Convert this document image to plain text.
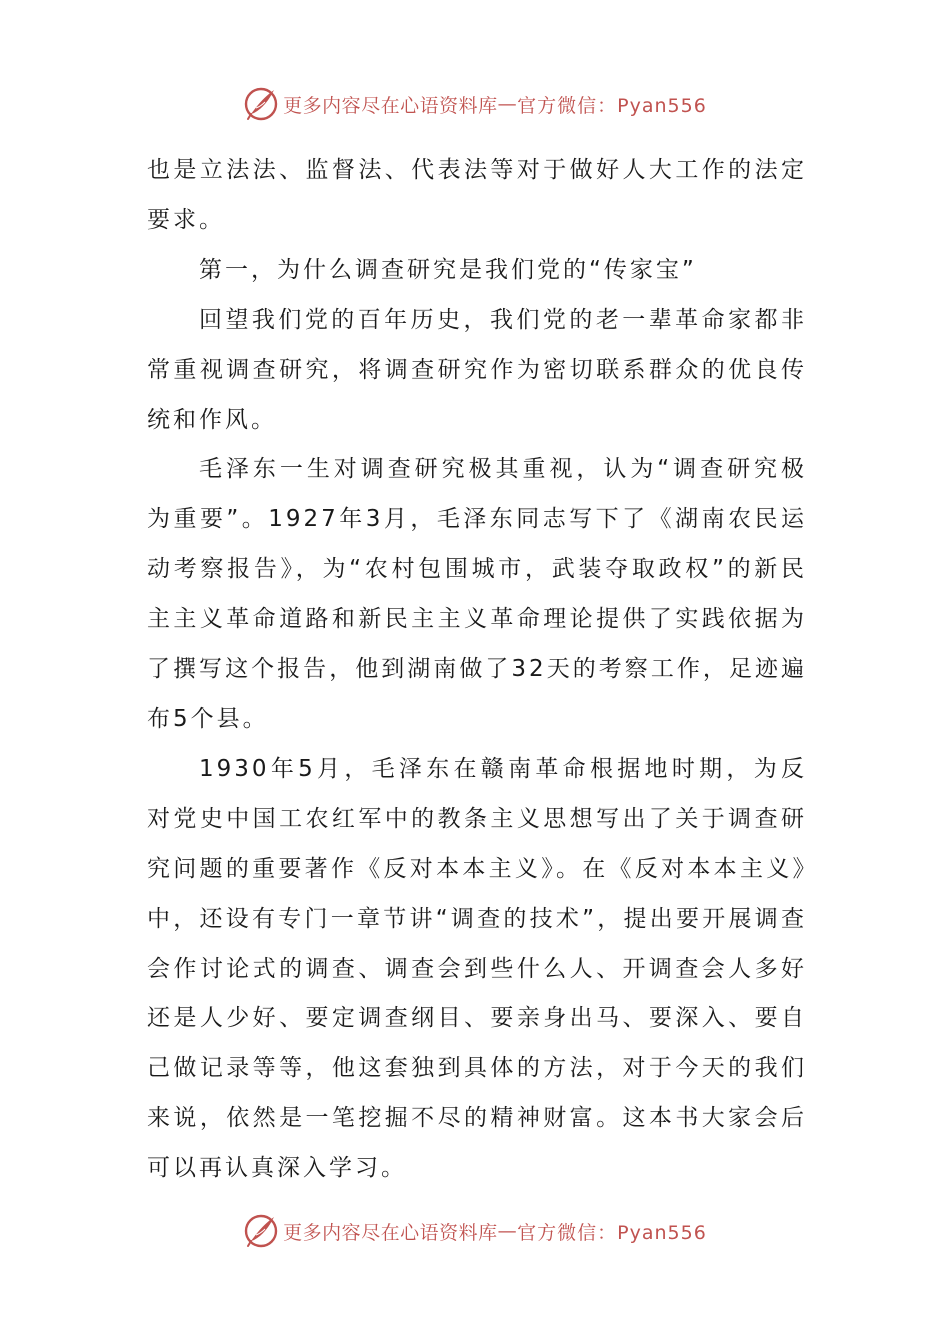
更多内容尽在心语资料库 — 官方微信：Pyan556

也是立法法、监督法、代表法等对于做好人大工作的法定要求。

第一，为什么调查研究是我们党的“传家宝”

回望我们党的百年历史，我们党的老一辈革命家都非常重视调查研究，将调查研究作为密切联系群众的优良传统和作风。

毛泽东一生对调查研究极其重视，认为“调查研究极为重要”。1927年3月，毛泽东同志写下了《湖南农民运动考察报告》，为“农村包围城市，武装夺取政权”的新民主主义革命道路和新民主主义革命理论提供了实践依据为了撰写这个报告，他到湖南做了32天的考察工作，足迹遍布5个县。

1930年5月，毛泽东在赣南革命根据地时期，为反对党史中国工农红军中的教条主义思想写出了关于调查研究问题的重要著作《反对本本主义》。在《反对本本主义》中，还设有专门一章节讲“调查的技术”，提出要开展调查会作讨论式的调查、调查会到些什么人、开调查会人多好还是人少好、要定调查纲目、要亲身出马、要深入、要自己做记录等等，他这套独到具体的方法，对于今天的我们来说，依然是一笔挖掘不尽的精神财富。这本书大家会后可以再认真深入学习。

更多内容尽在心语资料库 — 官方微信：Pyan556
